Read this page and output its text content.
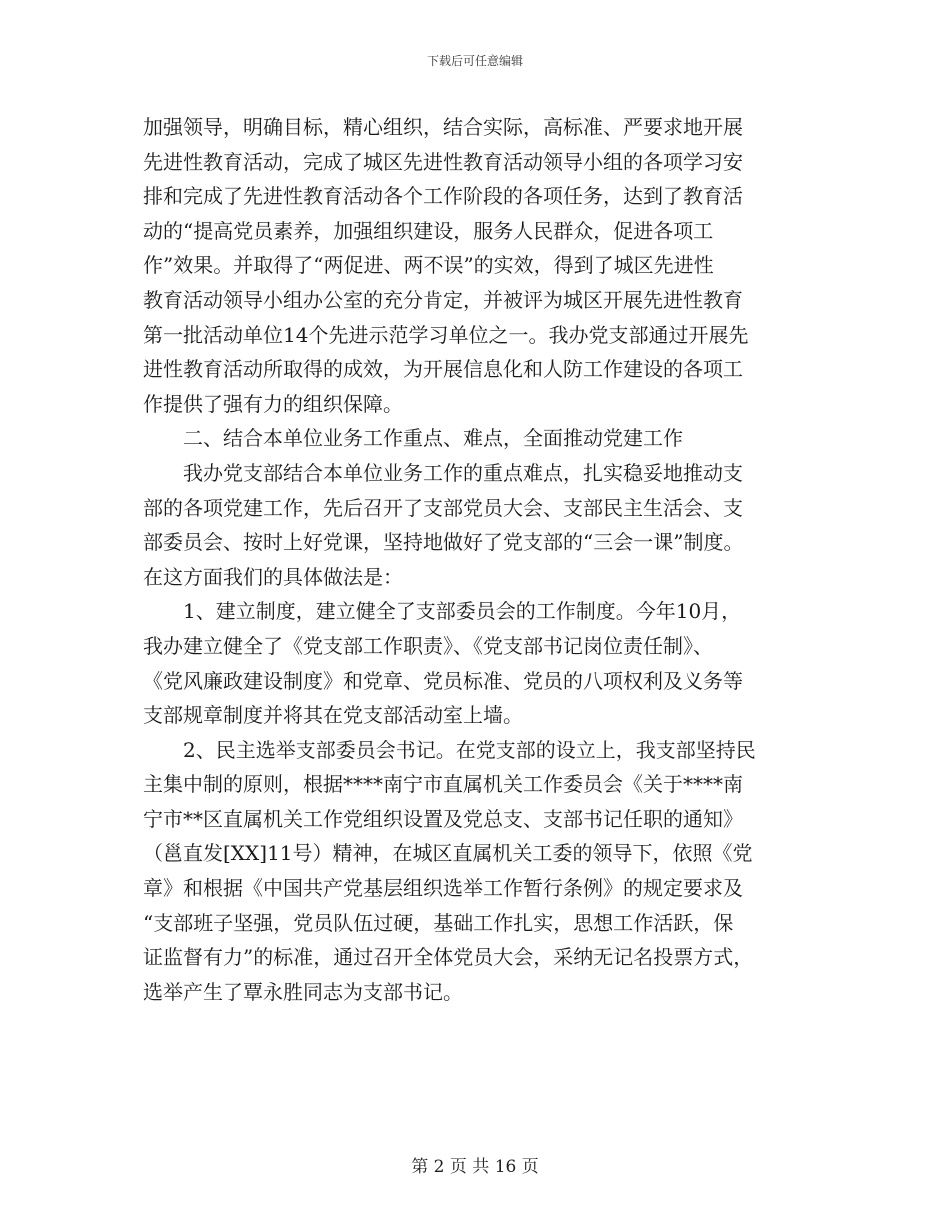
下载后可任意编辑
加强领导，明确目标，精心组织，结合实际，高标准、严要求地开展
先进性教育活动，完成了城区先进性教育活动领导小组的各项学习安
排和完成了先进性教育活动各个工作阶段的各项任务，达到了教育活
动的“提高党员素养，加强组织建设，服务人民群众，促进各项工
作”效果。并取得了“两促进、两不误”的实效，得到了城区先进性
教育活动领导小组办公室的充分肯定，并被评为城区开展先进性教育
第一批活动单位14个先进示范学习单位之一。我办党支部通过开展先
进性教育活动所取得的成效，为开展信息化和人防工作建设的各项工
作提供了强有力的组织保障。
　　二、结合本单位业务工作重点、难点，全面推动党建工作
　　我办党支部结合本单位业务工作的重点难点，扎实稳妥地推动支
部的各项党建工作，先后召开了支部党员大会、支部民主生活会、支
部委员会、按时上好党课，坚持地做好了党支部的“三会一课”制度。
在这方面我们的具体做法是：
　　1、建立制度，建立健全了支部委员会的工作制度。今年10月，
我办建立健全了《党支部工作职责》、《党支部书记岗位责任制》、
《党风廉政建设制度》和党章、党员标准、党员的八项权利及义务等
支部规章制度并将其在党支部活动室上墙。
　　2、民主选举支部委员会书记。在党支部的设立上，我支部坚持民
主集中制的原则，根据****南宁市直属机关工作委员会《关于****南
宁市**区直属机关工作党组织设置及党总支、支部书记任职的通知》
（邕直发[XX]11号）精神，在城区直属机关工委的领导下，依照《党
章》和根据《中国共产党基层组织选举工作暂行条例》的规定要求及
“支部班子坚强，党员队伍过硬，基础工作扎实，思想工作活跃，保
证监督有力”的标准，通过召开全体党员大会，采纳无记名投票方式，
选举产生了覃永胜同志为支部书记。
第 2 页 共 16 页
